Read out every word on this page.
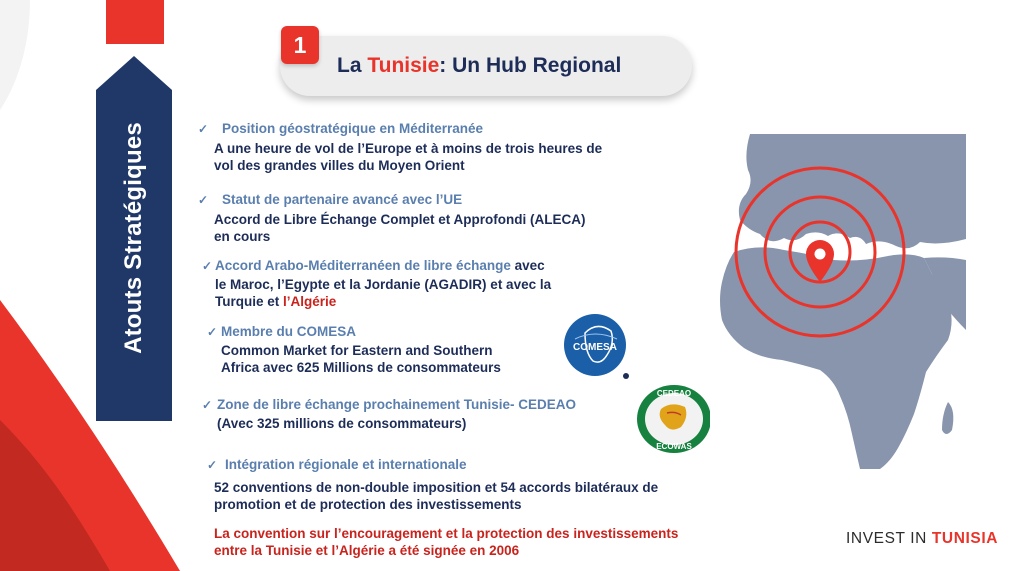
Atouts Stratégiques
1
La Tunisie: Un Hub Regional
✓ Position géostratégique en Méditerranée
A une heure de vol de l’Europe et à moins de trois heures de
vol des grandes villes du Moyen Orient
✓ Statut de partenaire avancé avec l’UE
Accord de Libre Échange Complet et Approfondi (ALECA)
en cours
✓ Accord Arabo-Méditerranéen de libre échange avec
le Maroc, l’Egypte et la Jordanie (AGADIR) et avec la
Turquie et l’Algérie
✓ Membre du COMESA
Common Market for Eastern and Southern
Africa avec 625 Millions de consommateurs
COMESA
✓ Zone de libre échange prochainement Tunisie- CEDEAO
(Avec 325 millions de consommateurs)
CEDEAO
ECOWAS
✓ Intégration régionale et internationale
52 conventions de non-double imposition et 54 accords bilatéraux de
promotion et de protection des investissements
La convention sur l’encouragement et la protection des investissements
entre la Tunisie et l’Algérie a été signée en 2006
INVEST IN TUNISIA
